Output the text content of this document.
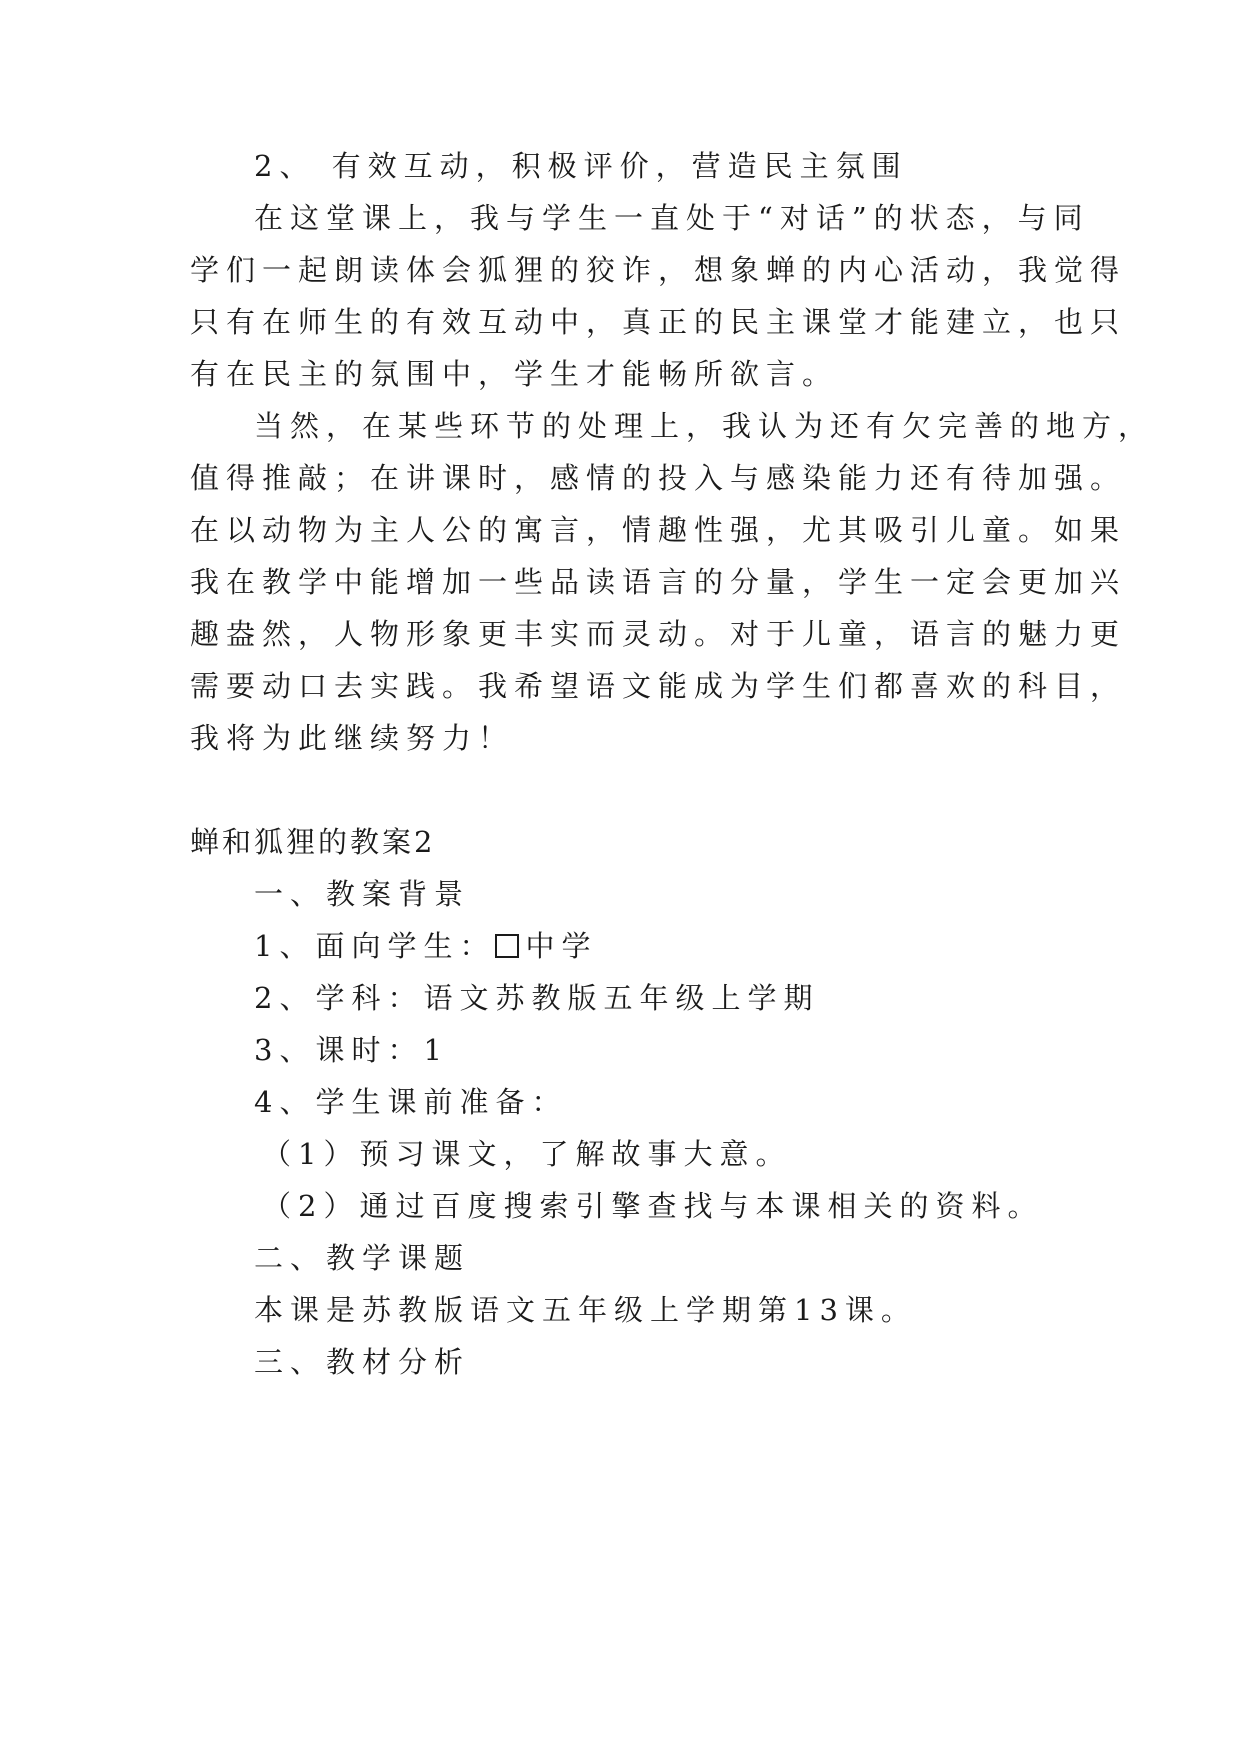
2、 有效互动，积极评价，营造民主氛围

在这堂课上，我与学生一直处于“对话”的状态，与同

学们一起朗读体会狐狸的狡诈，想象蝉的内心活动，我觉得

只有在师生的有效互动中，真正的民主课堂才能建立，也只

有在民主的氛围中，学生才能畅所欲言。

当然，在某些环节的处理上，我认为还有欠完善的地方，

值得推敲；在讲课时，感情的投入与感染能力还有待加强。

在以动物为主人公的寓言，情趣性强，尤其吸引儿童。如果

我在教学中能增加一些品读语言的分量，学生一定会更加兴

趣盎然，人物形象更丰实而灵动。对于儿童，语言的魅力更

需要动口去实践。我希望语文能成为学生们都喜欢的科目，

我将为此继续努力！

蝉和狐狸的教案2

一、教案背景

1、面向学生： 中学

2、学科：语文苏教版五年级上学期

3、课时：1

4、学生课前准备：

（1）预习课文，了解故事大意。

（2）通过百度搜索引擎查找与本课相关的资料。

二、教学课题

本课是苏教版语文五年级上学期第13课。

三、教材分析
